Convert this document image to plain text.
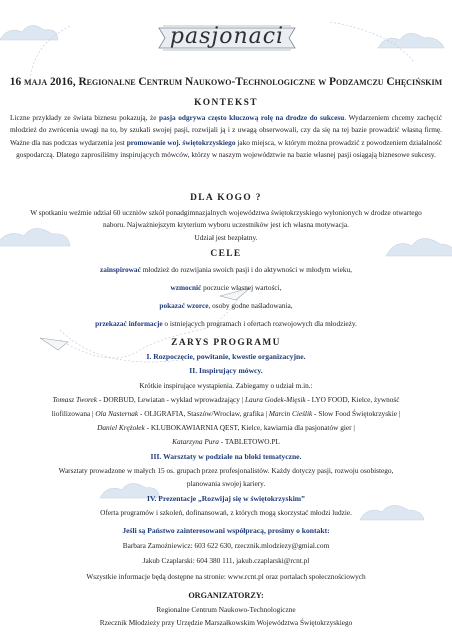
pasjonaci
16 maja 2016, Regionalne Centrum Naukowo-Technologiczne w Podzamczu Chęcińskim
KONTEKST
Liczne przykłady ze świata biznesu pokazują, że pasja odgrywa często kluczową rolę na drodze do sukcesu. Wydarzeniem chcemy zachęcić młodzież do zwrócenia uwagi na to, by szukali swojej pasji, rozwijali ją i z uwagą obserwowali, czy da się na tej bazie prowadzić własną firmę. Ważne dla nas podczas wydarzenia jest promowanie woj. świętokrzyskiego jako miejsca, w którym można prowadzić z powodzeniem działalność gospodarczą. Dlatego zaprosiliśmy inspirujących mówców, którzy w naszym województwie na bazie własnej pasji osiągają biznesowe sukcesy.
DLA KOGO ?
W spotkaniu weźmie udział 60 uczniów szkół ponadgimnazjalnych województwa świętokrzyskiego wyłonionych w drodze otwartego naboru. Najważniejszym kryterium wyboru uczestników jest ich własna motywacja.
Udział jest bezpłatny.
CELE
zainspirować młodzież do rozwijania swoich pasji i do aktywności w młodym wieku,
wzmocnić poczucie własnej wartości,
pokazać wzorce, osoby godne naśladowania,
przekazać informacje o istniejących programach i ofertach rozwojowych dla młodzieży.
ZARYS PROGRAMU
I. Rozpoczęcie, powitanie, kwestie organizacyjne.
II. Inspirujący mówcy.
Krótkie inspirujące wystąpienia. Zabiegamy o udział m.in.:
Tomasz Tworek - DORBUD, Lewiatan - wykład wprowadzający | Laura Godek-Mięsik - LYO FOOD, Kielce, żywność
liofilizowana | Ola Nasternak - OLIGRAFIA, Staszów/Wrocław, grafika | Marcin Cieślik - Slow Food Świętokrzyskie |
Daniel Krężołek - KLUBOKAWIARNIA QEST, Kielce, kawiarnia dla pasjonatów gier |
Katarzyna Pura - TABLETOWO.PL
III. Warsztaty w podziale na bloki tematyczne.
Warsztaty prowadzone w małych 15 os. grupach przez profesjonalistów. Każdy dotyczy pasji, rozwoju osobistego,
planowania swojej kariery.
IV. Prezentacje „Rozwijaj się w świętokrzyskim”
Oferta programów i szkoleń, dofinansowań, z których mogą skorzystać młodzi ludzie.
Jeśli są Państwo zainteresowani współpracą, prosimy o kontakt:
Barbara Zamożniewicz: 603 622 630, rzecznik.mlodziezy@gmial.com
Jakub Czaplarski: 604 380 111, jakub.czaplarski@rcnt.pl
Wszystkie informacje będą dostępne na stronie: www.rcnt.pl oraz portalach społecznościowych
ORGANIZATORZY:
Regionalne Centrum Naukowo-Technologiczne
Rzecznik Młodzieży przy Urzędzie Marszałkowskim Województwa Świętokrzyskiego
